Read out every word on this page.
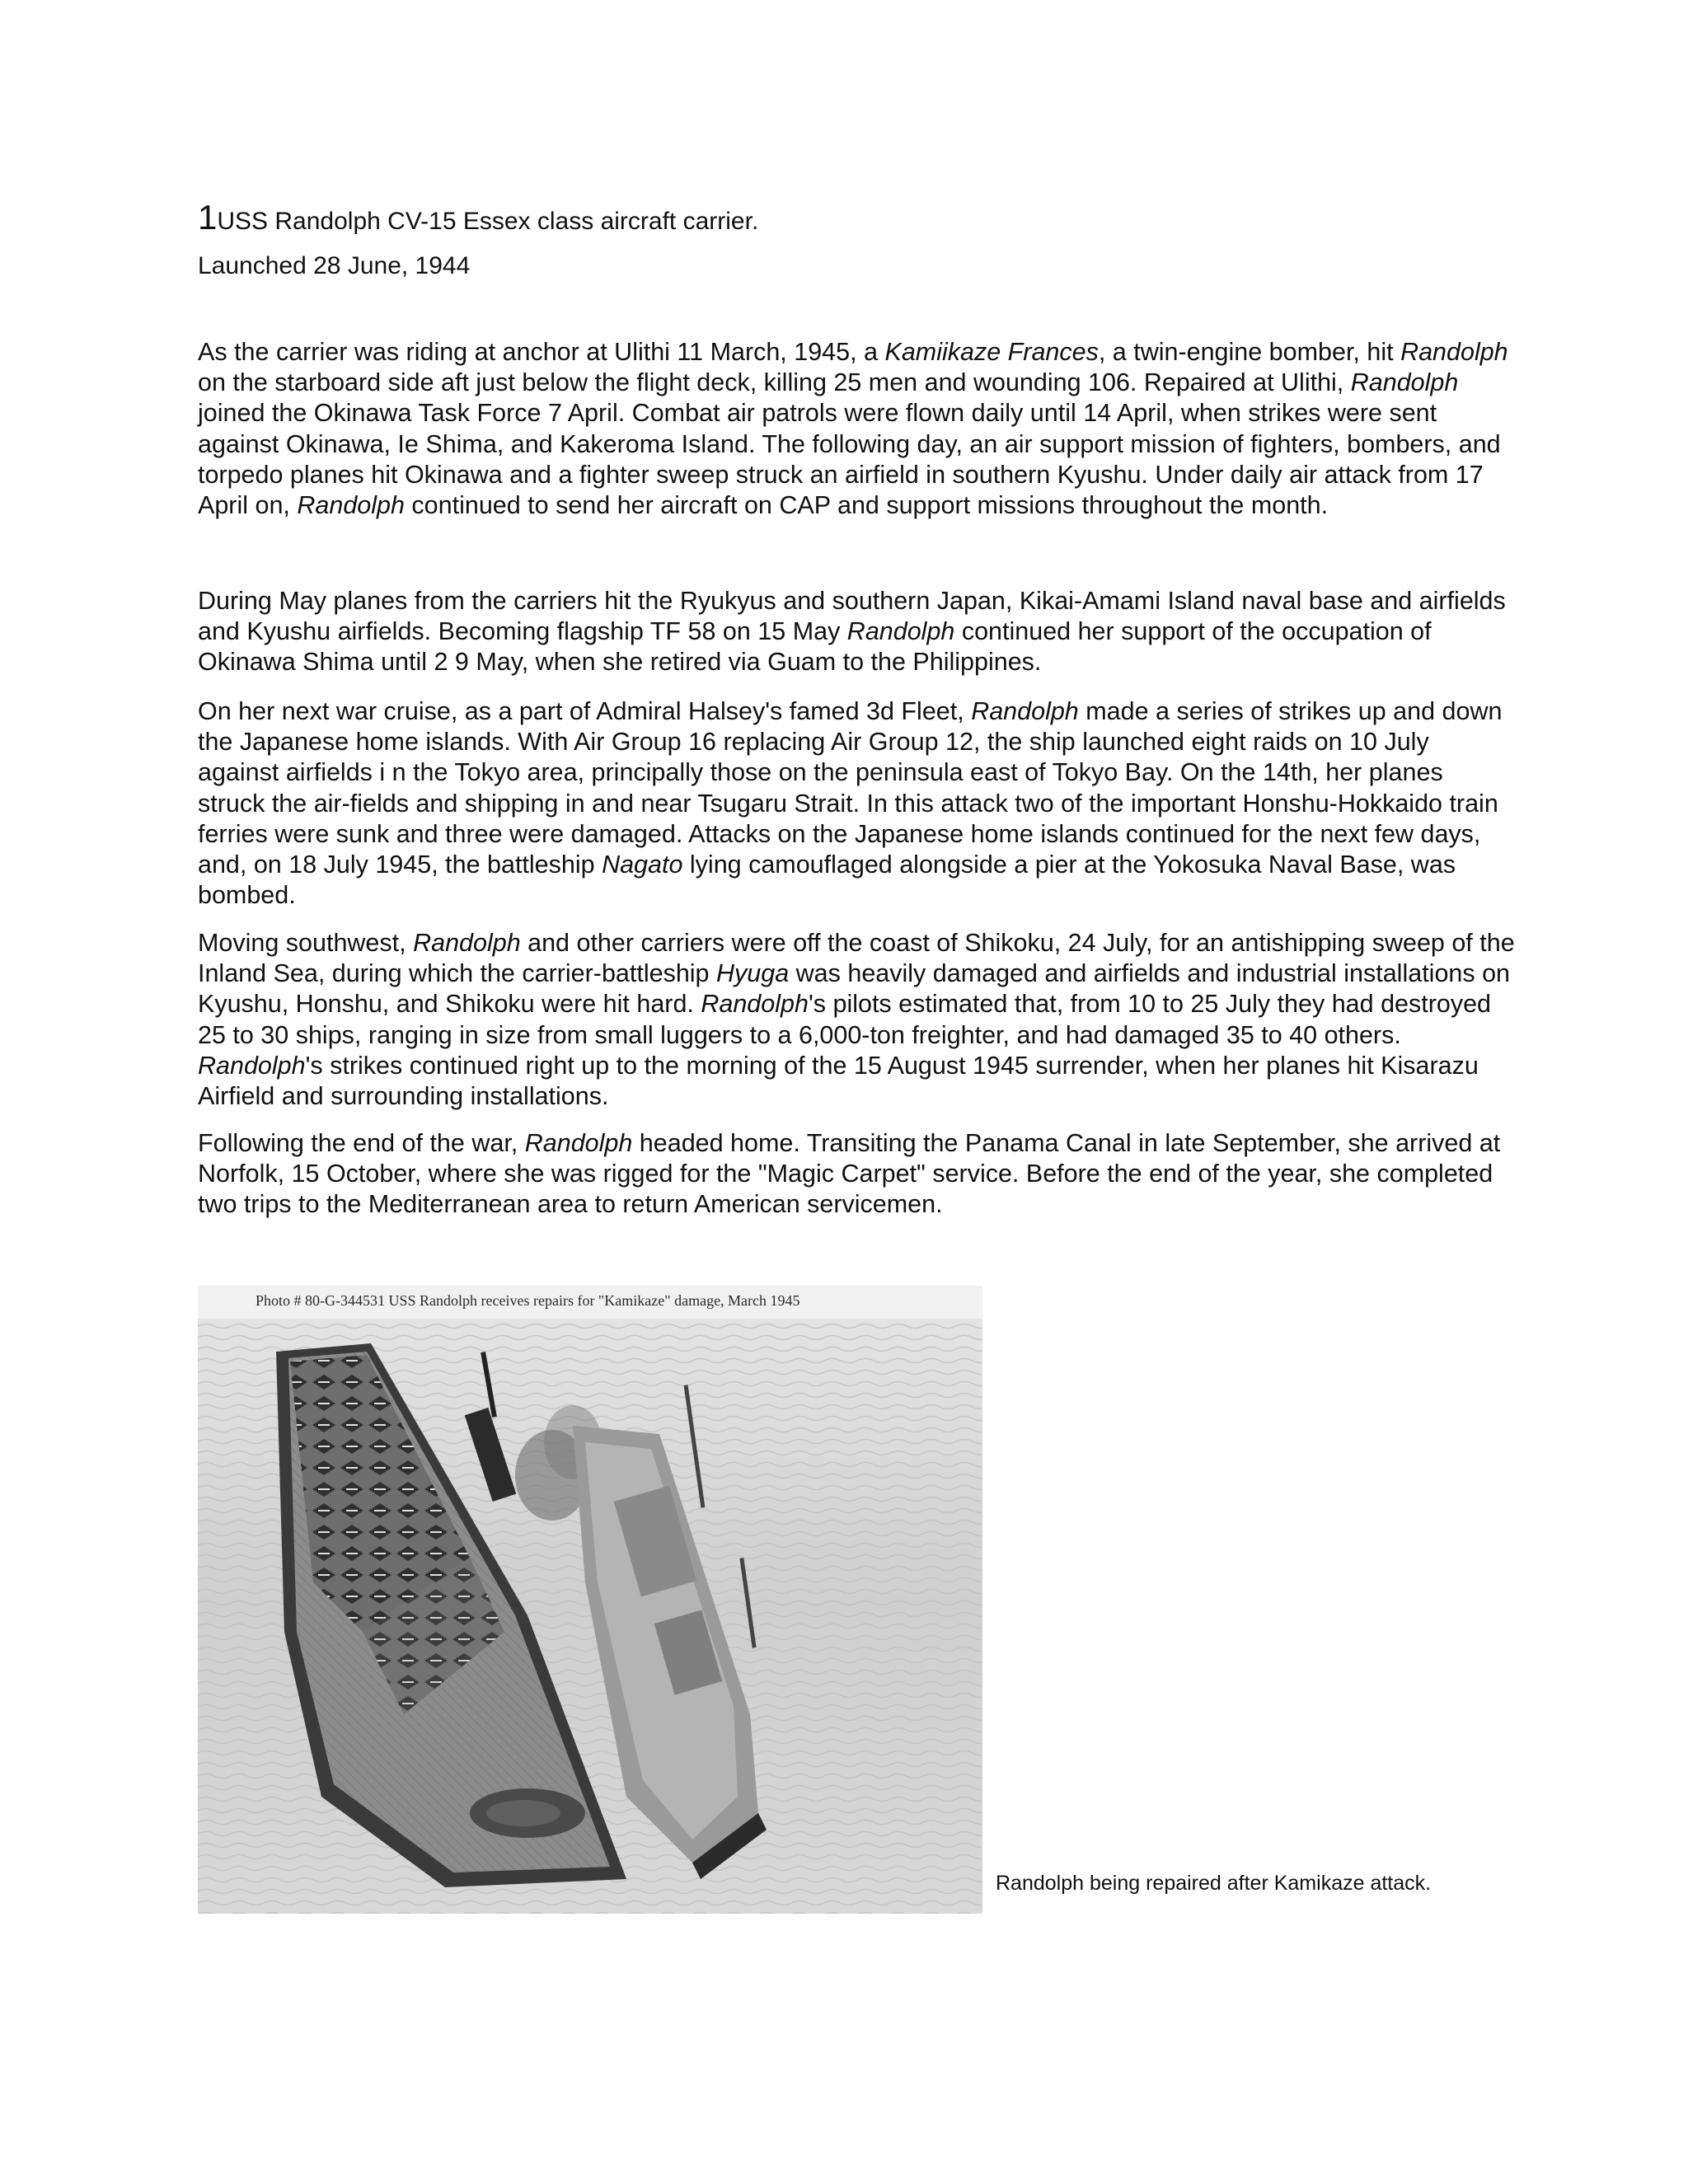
1USS Randolph CV-15 Essex class aircraft carrier.
Launched 28 June, 1944
As the carrier was riding at anchor at Ulithi 11 March, 1945, a Kamiikaze Frances, a twin-engine bomber, hit Randolph on the starboard side aft just below the flight deck, killing 25 men and wounding 106. Repaired at Ulithi, Randolph joined the Okinawa Task Force 7 April. Combat air patrols were flown daily until 14 April, when strikes were sent against Okinawa, Ie Shima, and Kakeroma Island. The following day, an air support mission of fighters, bombers, and torpedo planes hit Okinawa and a fighter sweep struck an airfield in southern Kyushu. Under daily air attack from 17 April on, Randolph continued to send her aircraft on CAP and support missions throughout the month.
During May planes from the carriers hit the Ryukyus and southern Japan, Kikai-Amami Island naval base and airfields and Kyushu airfields. Becoming flagship TF 58 on 15 May Randolph continued her support of the occupation of Okinawa Shima until 2 9 May, when she retired via Guam to the Philippines.
On her next war cruise, as a part of Admiral Halsey's famed 3d Fleet, Randolph made a series of strikes up and down the Japanese home islands. With Air Group 16 replacing Air Group 12, the ship launched eight raids on 10 July against airfields i n the Tokyo area, principally those on the peninsula east of Tokyo Bay. On the 14th, her planes struck the air-fields and shipping in and near Tsugaru Strait. In this attack two of the important Honshu-Hokkaido train ferries were sunk and three were damaged. Attacks on the Japanese home islands continued for the next few days, and, on 18 July 1945, the battleship Nagato lying camouflaged alongside a pier at the Yokosuka Naval Base, was bombed.
Moving southwest, Randolph and other carriers were off the coast of Shikoku, 24 July, for an antishipping sweep of the Inland Sea, during which the carrier-battleship Hyuga was heavily damaged and airfields and industrial installations on Kyushu, Honshu, and Shikoku were hit hard. Randolph's pilots estimated that, from 10 to 25 July they had destroyed 25 to 30 ships, ranging in size from small luggers to a 6,000-ton freighter, and had damaged 35 to 40 others. Randolph's strikes continued right up to the morning of the 15 August 1945 surrender, when her planes hit Kisarazu Airfield and surrounding installations.
Following the end of the war, Randolph headed home. Transiting the Panama Canal in late September, she arrived at Norfolk, 15 October, where she was rigged for the "Magic Carpet" service. Before the end of the year, she completed two trips to the Mediterranean area to return American servicemen.
Photo # 80-G-344531 USS Randolph receives repairs for "Kamikaze" damage, March 1945
Randolph being repaired after Kamikaze attack.
